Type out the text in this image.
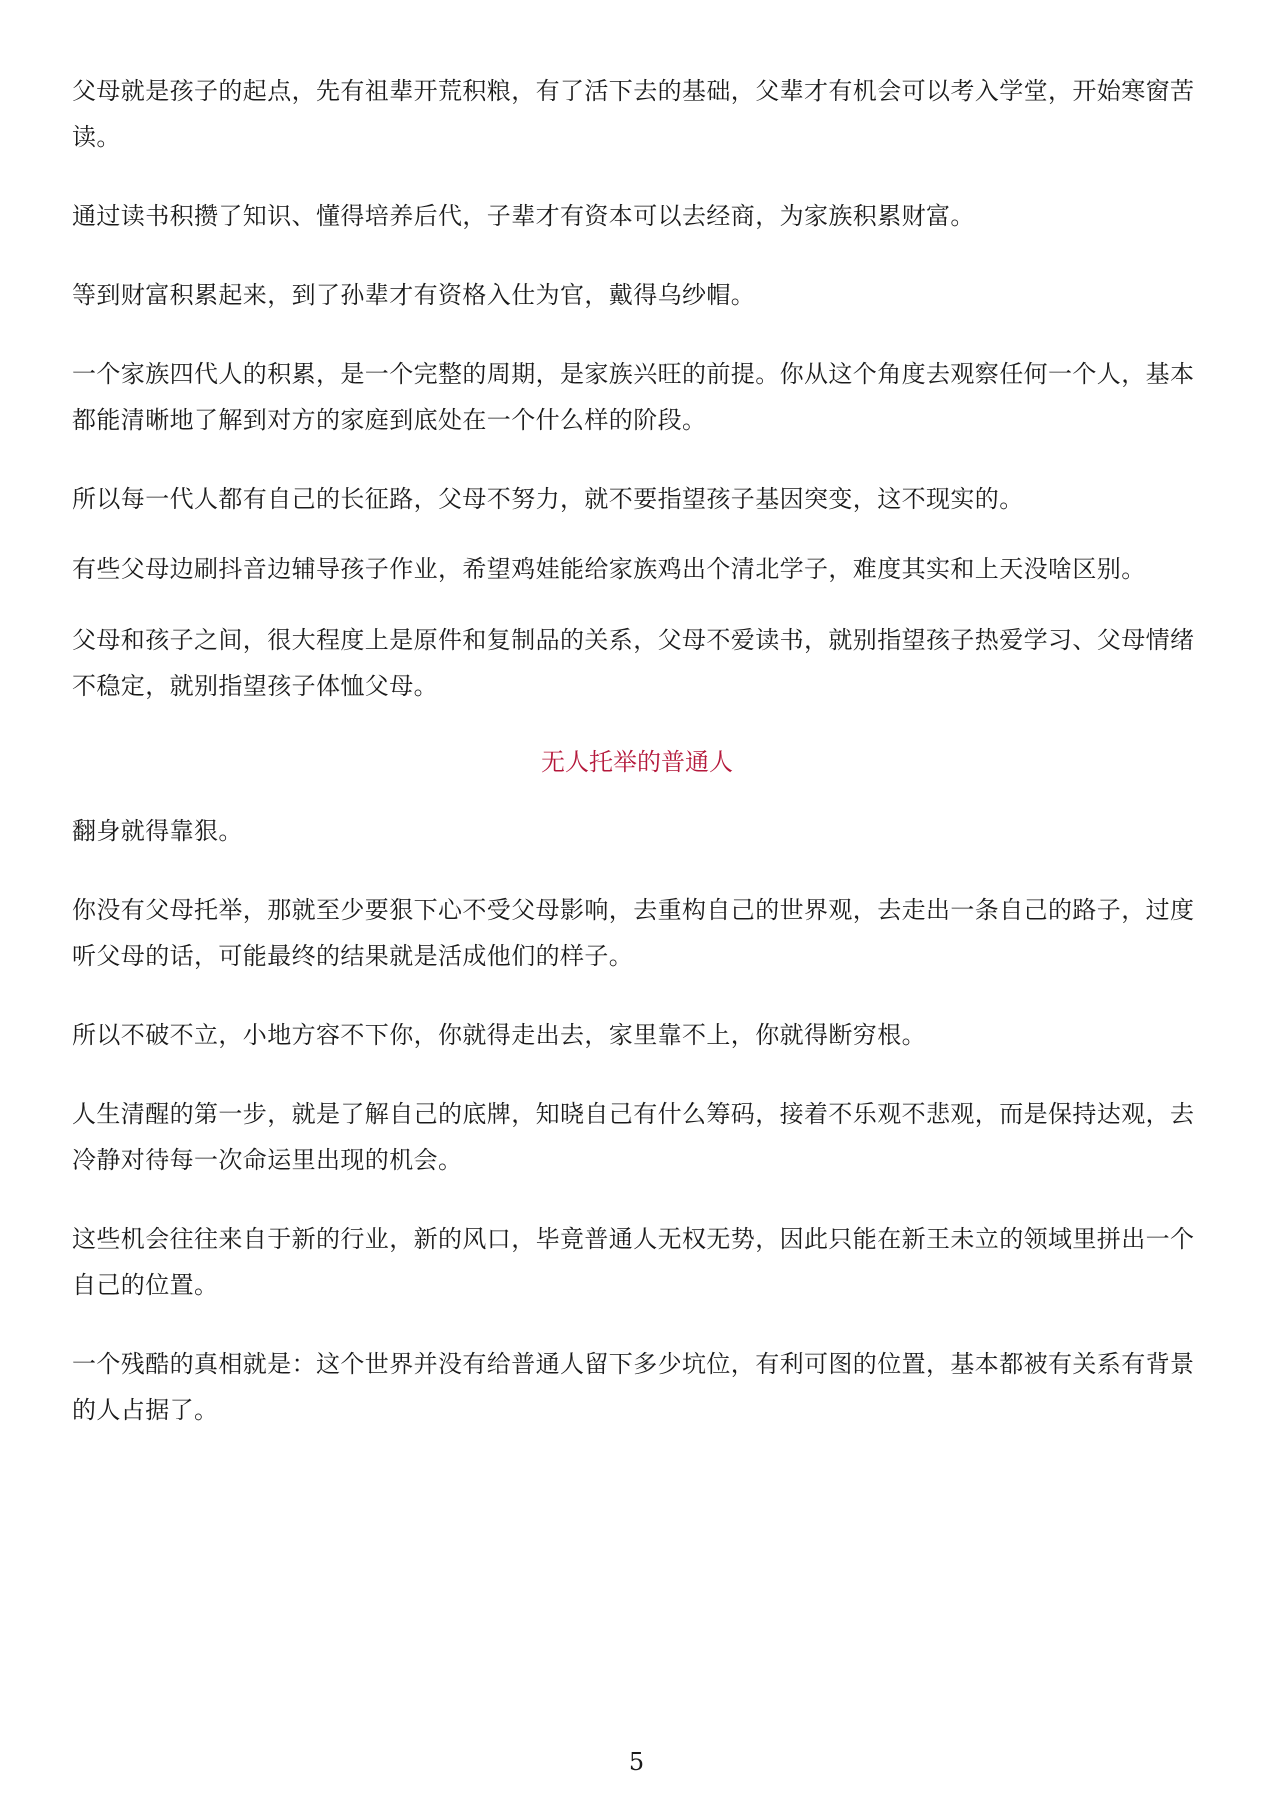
父母就是孩子的起点，先有祖辈开荒积粮，有了活下去的基础，父辈才有机会可以考入学堂，开始寒窗苦读。

通过读书积攒了知识、懂得培养后代，子辈才有资本可以去经商，为家族积累财富。

等到财富积累起来，到了孙辈才有资格入仕为官，戴得乌纱帽。

一个家族四代人的积累，是一个完整的周期，是家族兴旺的前提。你从这个角度去观察任何一个人，基本都能清晰地了解到对方的家庭到底处在一个什么样的阶段。

所以每一代人都有自己的长征路，父母不努力，就不要指望孩子基因突变，这不现实的。

有些父母边刷抖音边辅导孩子作业，希望鸡娃能给家族鸡出个清北学子，难度其实和上天没啥区别。

父母和孩子之间，很大程度上是原件和复制品的关系，父母不爱读书，就别指望孩子热爱学习、父母情绪不稳定，就别指望孩子体恤父母。

无人托举的普通人

翻身就得靠狠。

你没有父母托举，那就至少要狠下心不受父母影响，去重构自己的世界观，去走出一条自己的路子，过度听父母的话，可能最终的结果就是活成他们的样子。

所以不破不立，小地方容不下你，你就得走出去，家里靠不上，你就得断穷根。

人生清醒的第一步，就是了解自己的底牌，知晓自己有什么筹码，接着不乐观不悲观，而是保持达观，去冷静对待每一次命运里出现的机会。

这些机会往往来自于新的行业，新的风口，毕竟普通人无权无势，因此只能在新王未立的领域里拼出一个自己的位置。

一个残酷的真相就是：这个世界并没有给普通人留下多少坑位，有利可图的位置，基本都被有关系有背景的人占据了。

5
